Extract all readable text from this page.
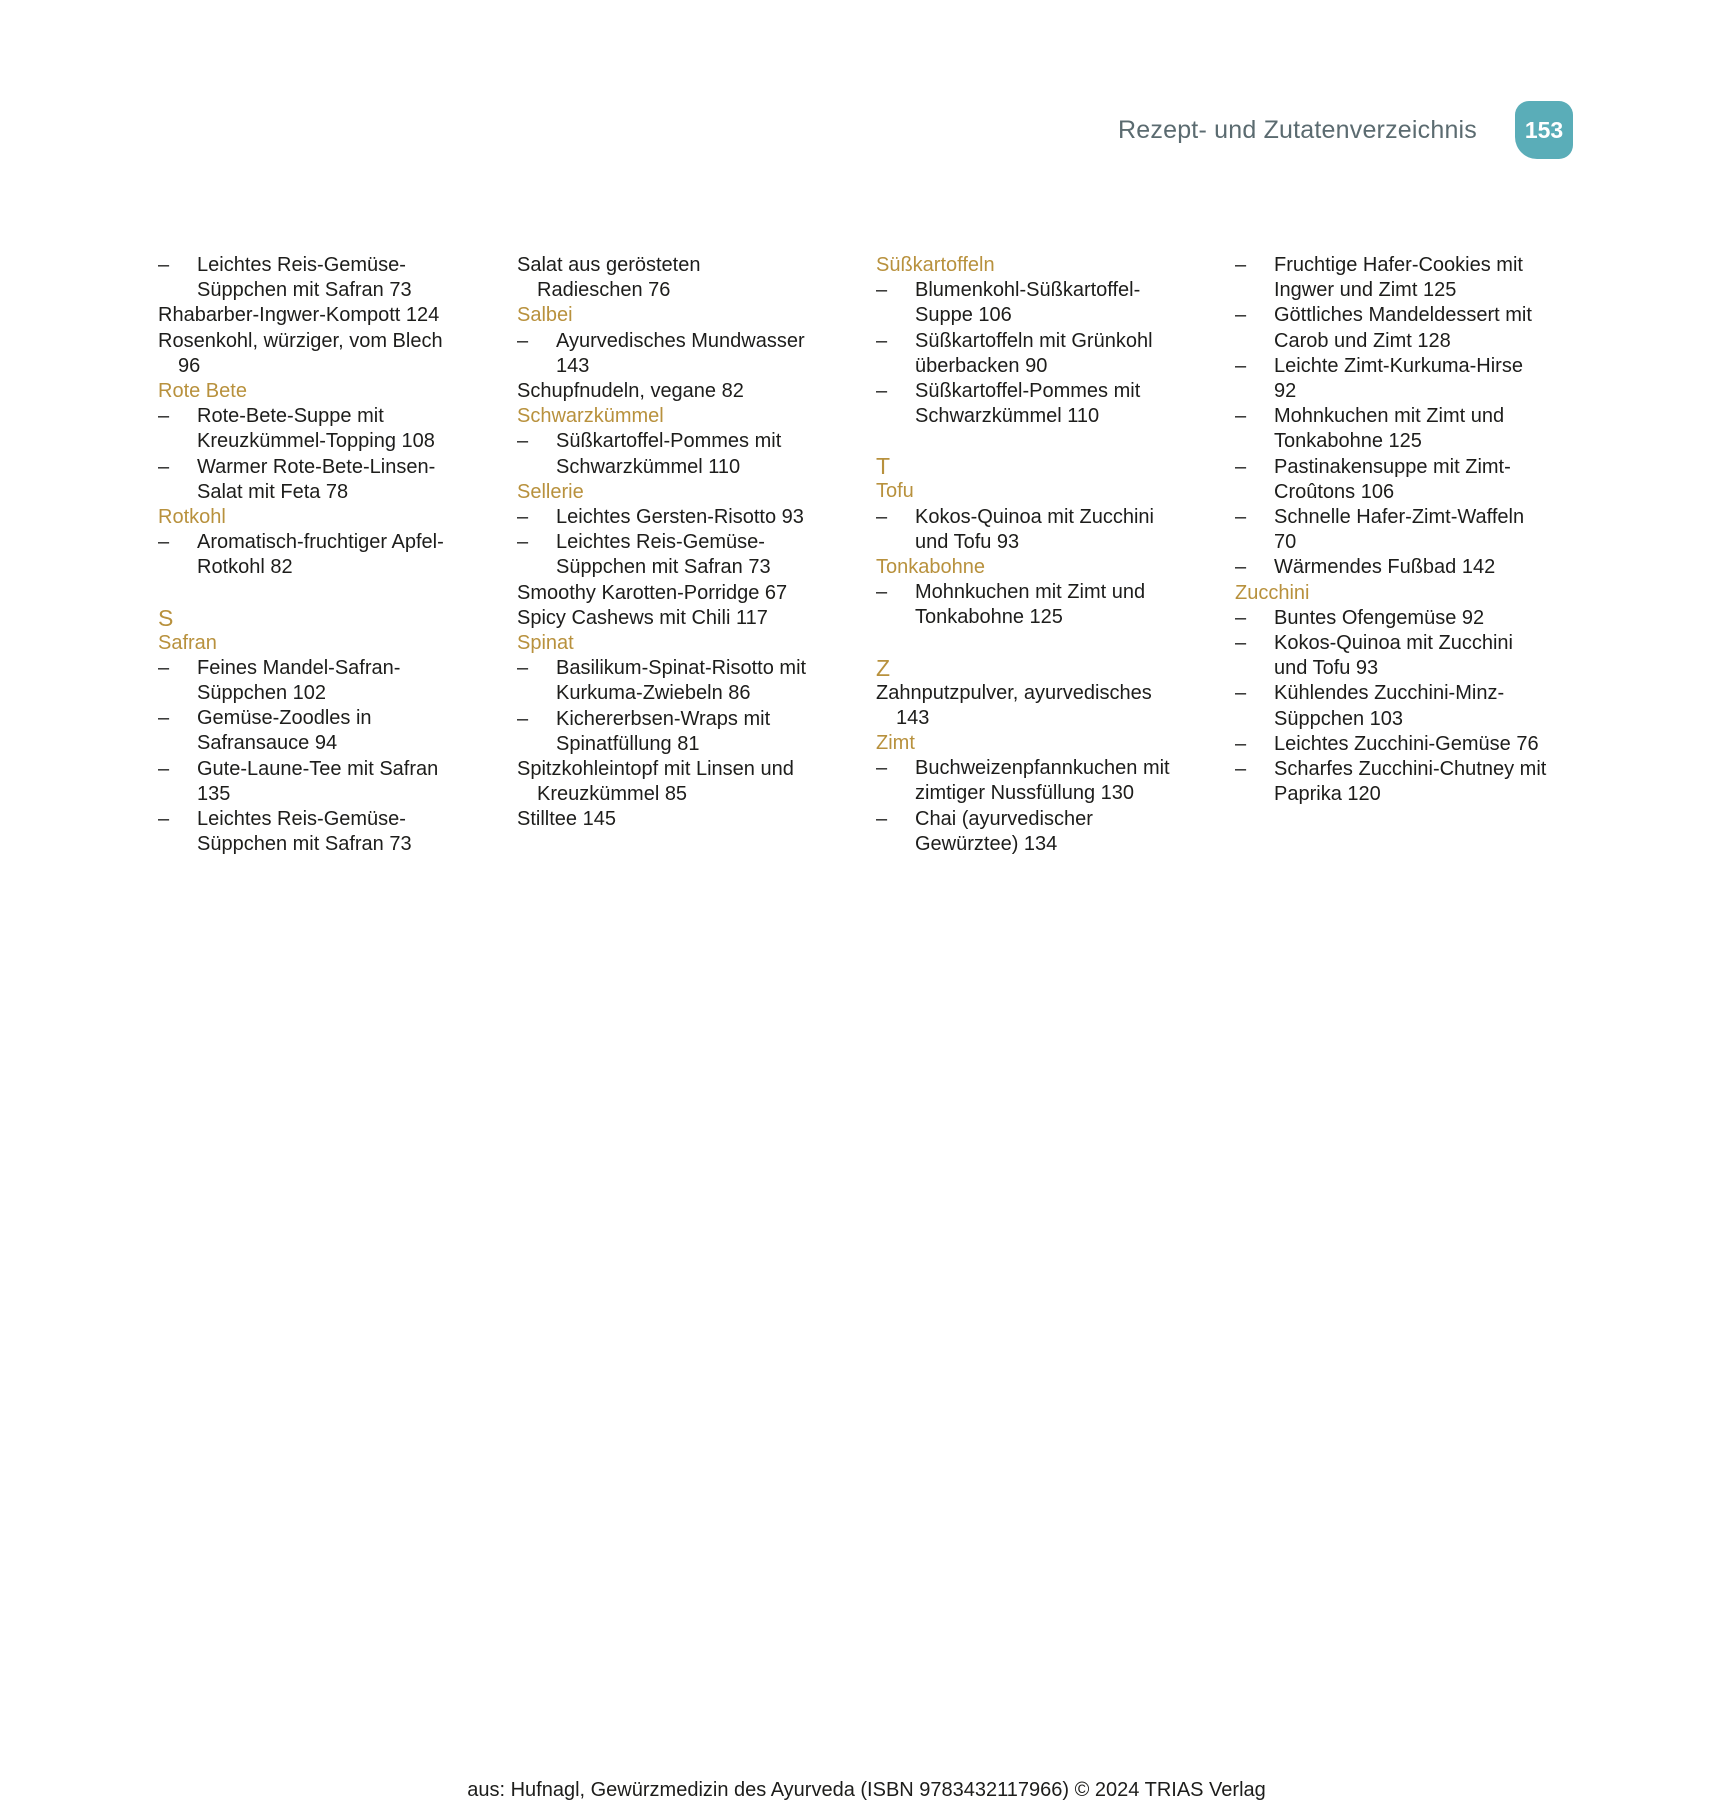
Rezept- und Zutatenverzeichnis	153
– Leichtes Reis-Gemüse-
Süppchen mit Safran 73
Rhabarber-Ingwer-Kompott 124
Rosenkohl, würziger, vom Blech
96
Rote Bete
– Rote-Bete-Suppe mit
Kreuzkümmel-Topping 108
– Warmer Rote-Bete-Linsen-
Salat mit Feta 78
Rotkohl
– Aromatisch-fruchtiger Apfel-
Rotkohl 82
S
Safran
– Feines Mandel-Safran-
Süppchen 102
– Gemüse-Zoodles in
Safransauce 94
– Gute-Laune-Tee mit Safran
135
– Leichtes Reis-Gemüse-
Süppchen mit Safran 73
Salat aus gerösteten
Radieschen 76
Salbei
– Ayurvedisches Mundwasser
143
Schupfnudeln, vegane 82
Schwarzkümmel
– Süßkartoffel-Pommes mit
Schwarzkümmel 110
Sellerie
– Leichtes Gersten-Risotto 93
– Leichtes Reis-Gemüse-
Süppchen mit Safran 73
Smoothy Karotten-Porridge 67
Spicy Cashews mit Chili 117
Spinat
– Basilikum-Spinat-Risotto mit
Kurkuma-Zwiebeln 86
– Kichererbsen-Wraps mit
Spinatfüllung 81
Spitzkohleintopf mit Linsen und
Kreuzkümmel 85
Stilltee 145
Süßkartoffeln
– Blumenkohl-Süßkartoffel-
Suppe 106
– Süßkartoffeln mit Grünkohl
überbacken 90
– Süßkartoffel-Pommes mit
Schwarzkümmel 110
T
Tofu
– Kokos-Quinoa mit Zucchini
und Tofu 93
Tonkabohne
– Mohnkuchen mit Zimt und
Tonkabohne 125
Z
Zahnputzpulver, ayurvedisches
143
Zimt
– Buchweizenpfannkuchen mit
zimtiger Nussfüllung 130
– Chai (ayurvedischer
Gewürztee) 134
– Fruchtige Hafer-Cookies mit
Ingwer und Zimt 125
– Göttliches Mandeldessert mit
Carob und Zimt 128
– Leichte Zimt-Kurkuma-Hirse
92
– Mohnkuchen mit Zimt und
Tonkabohne 125
– Pastinakensuppe mit Zimt-
Croûtons 106
– Schnelle Hafer-Zimt-Waffeln
70
– Wärmendes Fußbad 142
Zucchini
– Buntes Ofengemüse 92
– Kokos-Quinoa mit Zucchini
und Tofu 93
– Kühlendes Zucchini-Minz-
Süppchen 103
– Leichtes Zucchini-Gemüse 76
– Scharfes Zucchini-Chutney mit
Paprika 120
aus: Hufnagl, Gewürzmedizin des Ayurveda (ISBN 9783432117966) © 2024 TRIAS Verlag
